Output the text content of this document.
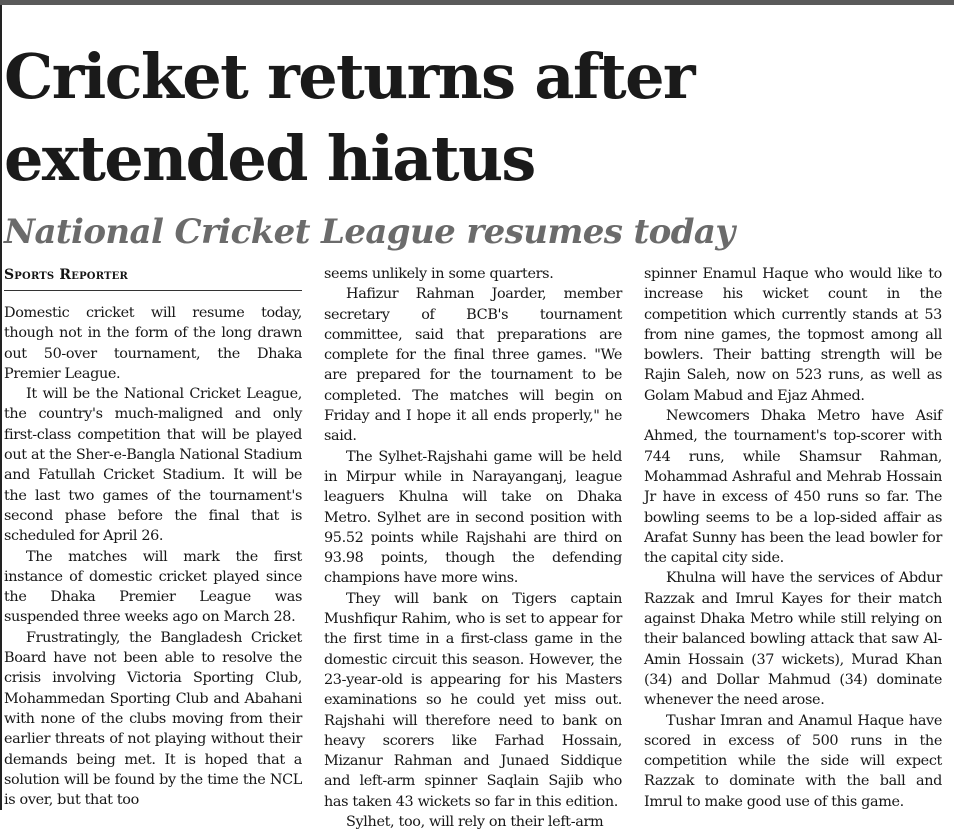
Cricket returns after extended hiatus
National Cricket League resumes today
Sports Reporter

Domestic cricket will resume today, though not in the form of the long drawn out 50-over tournament, the Dhaka Premier League.

It will be the National Cricket League, the country's much-maligned and only first-class competition that will be played out at the Sher-e-Bangla National Stadium and Fatullah Cricket Stadium. It will be the last two games of the tournament's second phase before the final that is scheduled for April 26.

The matches will mark the first instance of domestic cricket played since the Dhaka Premier League was suspended three weeks ago on March 28.

Frustratingly, the Bangladesh Cricket Board have not been able to resolve the crisis involving Victoria Sporting Club, Mohammedan Sporting Club and Abahani with none of the clubs moving from their earlier threats of not playing without their demands being met. It is hoped that a solution will be found by the time the NCL is over, but that too

seems unlikely in some quarters.

Hafizur Rahman Joarder, member secretary of BCB's tournament committee, said that preparations are complete for the final three games. "We are prepared for the tournament to be completed. The matches will begin on Friday and I hope it all ends properly," he said.

The Sylhet-Rajshahi game will be held in Mirpur while in Narayanganj, league leaguers Khulna will take on Dhaka Metro. Sylhet are in second position with 95.52 points while Rajshahi are third on 93.98 points, though the defending champions have more wins.

They will bank on Tigers captain Mushfiqur Rahim, who is set to appear for the first time in a first-class game in the domestic circuit this season. However, the 23-year-old is appearing for his Masters examinations so he could yet miss out. Rajshahi will therefore need to bank on heavy scorers like Farhad Hossain, Mizanur Rahman and Junaed Siddique and left-arm spinner Saqlain Sajib who has taken 43 wickets so far in this edition.

Sylhet, too, will rely on their left-arm

spinner Enamul Haque who would like to increase his wicket count in the competition which currently stands at 53 from nine games, the topmost among all bowlers. Their batting strength will be Rajin Saleh, now on 523 runs, as well as Golam Mabud and Ejaz Ahmed.

Newcomers Dhaka Metro have Asif Ahmed, the tournament's top-scorer with 744 runs, while Shamsur Rahman, Mohammad Ashraful and Mehrab Hossain Jr have in excess of 450 runs so far. The bowling seems to be a lop-sided affair as Arafat Sunny has been the lead bowler for the capital city side.

Khulna will have the services of Abdur Razzak and Imrul Kayes for their match against Dhaka Metro while still relying on their balanced bowling attack that saw Al-Amin Hossain (37 wickets), Murad Khan (34) and Dollar Mahmud (34) dominate whenever the need arose.

Tushar Imran and Anamul Haque have scored in excess of 500 runs in the competition while the side will expect Razzak to dominate with the ball and Imrul to make good use of this game.
